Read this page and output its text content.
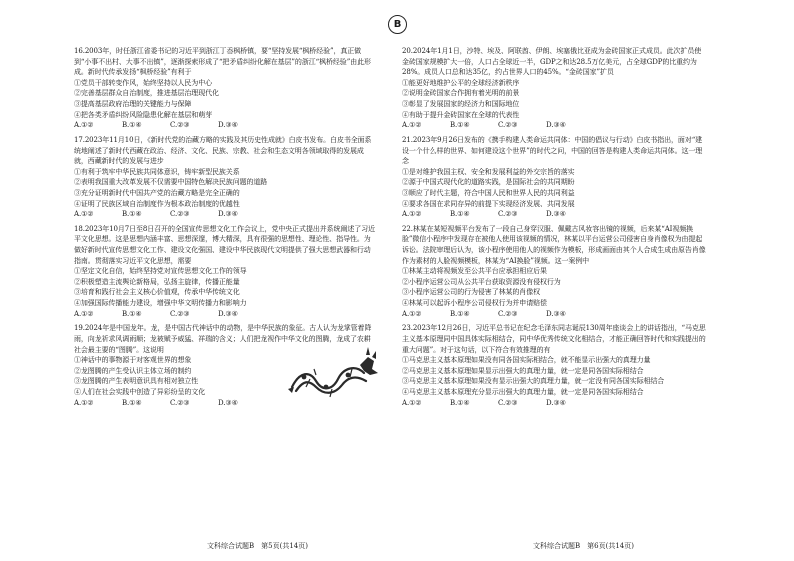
B

16.2003年，时任浙江省委书记的习近平到浙江丁岙枫桥镇，要“坚持发展“枫桥经验”，真正做到“小事不出村、大事不出镇”，逐渐探索形成了“把矛盾纠纷化解在基层”的浙江“枫桥经验”由此形成。新时代传承发扬“枫桥经验”有利于

①党员干部转变作风，始终坚持以人民为中心

②完善基层群众自治制度，推进基层治理现代化

③提高基层政府治理的关键能力与保障

④把各类矛盾纠纷风险隐患化解在基层和萌芽

A.①②	B.①④	C.②③	D.③④

17.2023年11月10日，《新时代党的治藏方略的实践及其历史性成就》白皮书发布。白皮书全面系统地阐述了新时代西藏在政治、经济、文化、民族、宗教、社会和生态文明各领域取得的发展成就，西藏新时代的发展与进步

①有利于筑牢中华民族共同体意识，铸牢新型民族关系

②表明我国重大改革发展不仅需要中国特色解决民族问题的道路

③充分证明新时代中国共产党的治藏方略是完全正确的

④证明了民族区域自治制度作为根本政治制度的优越性

A.①②	B.①④	C.②③	D.③④

18.2023年10月7日至8日召开的全国宣传思想文化工作会议上，党中央正式提出并系统阐述了习近平文化思想。这是思想内涵丰富、思想深邃，博大精深，具有很强的思想性、理论性、指导性。为做好新时代宣传思想文化工作、建设文化强国、建设中华民族现代文明提供了强大思想武器和行动指南。贯彻落实习近平文化思想，需要

①坚定文化自信，始终坚持党对宣传思想文化工作的领导

②积极塑造主流舆论新格局，弘扬主旋律，传播正能量

③培育和践行社会主义核心价值观，传承中华传统文化

④加强国际传播能力建设，增强中华文明传播力和影响力

A.①②	B.①④	C.②③	D.③④

19.2024年是中国龙年。龙，是中国古代神话中的动物，是中华民族的象征。古人认为龙掌管着降雨，向龙祈求风调雨顺；龙被赋予威猛、祥瑞的含义；人们把龙视作中华文化的图腾，龙成了农耕社会最主要的“图腾”。这说明

①神话中的事物源于对客观世界的想象

②龙图腾的产生受认识主体立场的制约

③龙图腾的产生表明意识具有相对独立性

④人们在社会实践中创造了异彩纷呈的文化

A.①②	B.①④	C.②③	D.③④

20.2024年1月1日，沙特、埃及、阿联酋、伊朗、埃塞俄比亚成为金砖国家正式成员。此次扩员使金砖国家规模扩大一倍，人口占全球近一半，GDP之和达28.5万亿美元，占全球GDP的比重约为28%。成员人口总和达35亿，约占世界人口的45%。“金砖国家”扩员

①能更好地维护公平的全球经济新秩序

②说明金砖国家合作拥有着光明的前景

③彰显了发展国家的经济力和国际地位

④有助于提升金砖国家在全球的代表性

A.①②	B.①④	C.②③	D.③④

21.2023年9月26日发布的《携手构建人类命运共同体：中国的倡议与行动》白皮书指出，面对“建设一个什么样的世界、如何建设这个世界”的时代之问，中国的回答是构建人类命运共同体。这一理念

①是对维护我国主权、安全和发展利益的外交宗旨的落实

②源于中国式现代化的道路实践，是国际社会的共同期盼

③顺应了时代主题，符合中国人民和世界人民的共同利益

④要求各国在求同存异的前提下实现经济发展、共同发展

A.①②	B.①④	C.②③	D.③④

22.林某在某短视频平台发布了一段自己身穿汉服、佩戴古风妆容出镜的视频，后来某“AI视频换脸”微信小程序中发现存在被他人使用该视频的情况，林某以平台运营公司侵害自身肖像权为由提起诉讼。法院审理后认为，该小程序使用他人的视频作为模板，形成画面由其个人合成生成由原告肖像作为素材的人脸视频模板，林某为“AI换脸”视频。这一案例中

①林某主动将视频发至公共平台应承担相应后果

②小程序运营公司从公共平台获取资源没有侵权行为

③小程序运营公司的行为侵害了林某的肖像权

④林某可以起诉小程序公司侵权行为并申请赔偿

A.①②	B.①④	C.②③	D.③④

23.2023年12月26日，习近平总书记在纪念毛泽东同志诞辰130周年座谈会上的讲话指出，“马克思主义基本原理同中国具体实际相结合，同中华优秀传统文化相结合，才能正确回答时代和实践提出的重大问题”。对于这句话，以下符合有效推理的有

①马克思主义基本原理如果没有同各国实际相结合，就不能显示出强大的真理力量

②马克思主义基本原理如果显示出强大的真理力量，就一定是同各国实际相结合

③马克思主义基本原理如果没有显示出强大的真理力量，就一定没有同各国实际相结合

④马克思主义基本原理充分显示出强大的真理力量，就一定是同各国实际相结合

A.①②	B.①④	C.②③	D.③④
文科综合试题B　第5页(共14页)	文科综合试题B　第6页(共14页)
